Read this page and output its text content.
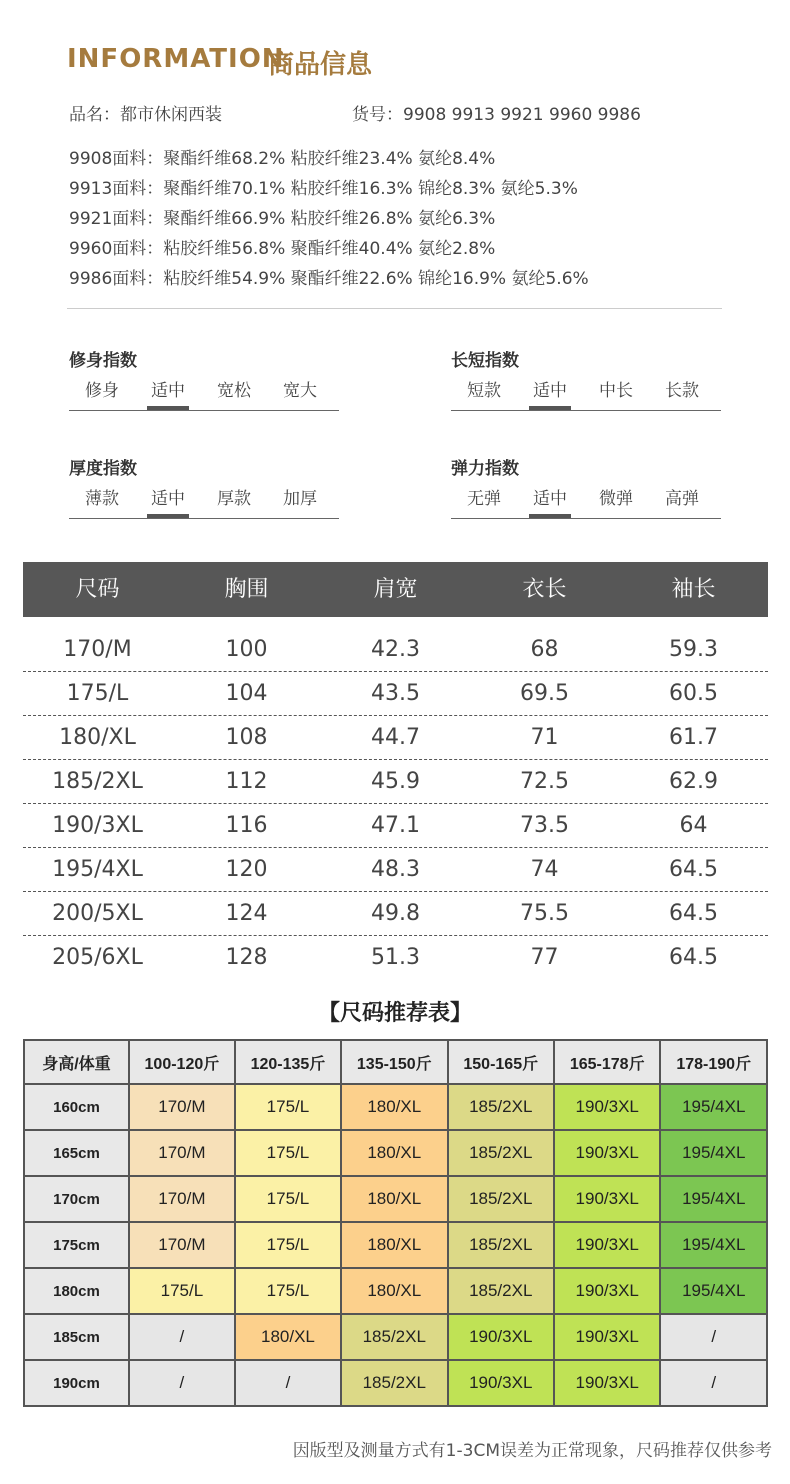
INFORMATION
商品信息
品名：都市休闲西装	货号：9908 9913 9921 9960 9986
9908面料：聚酯纤维68.2% 粘胶纤维23.4% 氨纶8.4%
9913面料：聚酯纤维70.1% 粘胶纤维16.3% 锦纶8.3% 氨纶5.3%
9921面料：聚酯纤维66.9% 粘胶纤维26.8% 氨纶6.3%
9960面料：粘胶纤维56.8% 聚酯纤维40.4% 氨纶2.8%
9986面料：粘胶纤维54.9% 聚酯纤维22.6% 锦纶16.9% 氨纶5.6%
修身指数
修身	适中	宽松	宽大
长短指数
短款	适中	中长	长款
厚度指数
薄款	适中	厚款	加厚
弹力指数
无弹	适中	微弹	高弹
尺码	胸围	肩宽	衣长	袖长
170/M	100	42.3	68	59.3
175/L	104	43.5	69.5	60.5
180/XL	108	44.7	71	61.7
185/2XL	112	45.9	72.5	62.9
190/3XL	116	47.1	73.5	64
195/4XL	120	48.3	74	64.5
200/5XL	124	49.8	75.5	64.5
205/6XL	128	51.3	77	64.5
【尺码推荐表】
身高/体重	100-120斤	120-135斤	135-150斤	150-165斤	165-178斤	178-190斤
160cm	170/M	175/L	180/XL	185/2XL	190/3XL	195/4XL
165cm	170/M	175/L	180/XL	185/2XL	190/3XL	195/4XL
170cm	170/M	175/L	180/XL	185/2XL	190/3XL	195/4XL
175cm	170/M	175/L	180/XL	185/2XL	190/3XL	195/4XL
180cm	175/L	175/L	180/XL	185/2XL	190/3XL	195/4XL
185cm	/	180/XL	185/2XL	190/3XL	190/3XL	/
190cm	/	/	185/2XL	190/3XL	190/3XL	/
因版型及测量方式有1-3CM误差为正常现象，尺码推荐仅供参考
